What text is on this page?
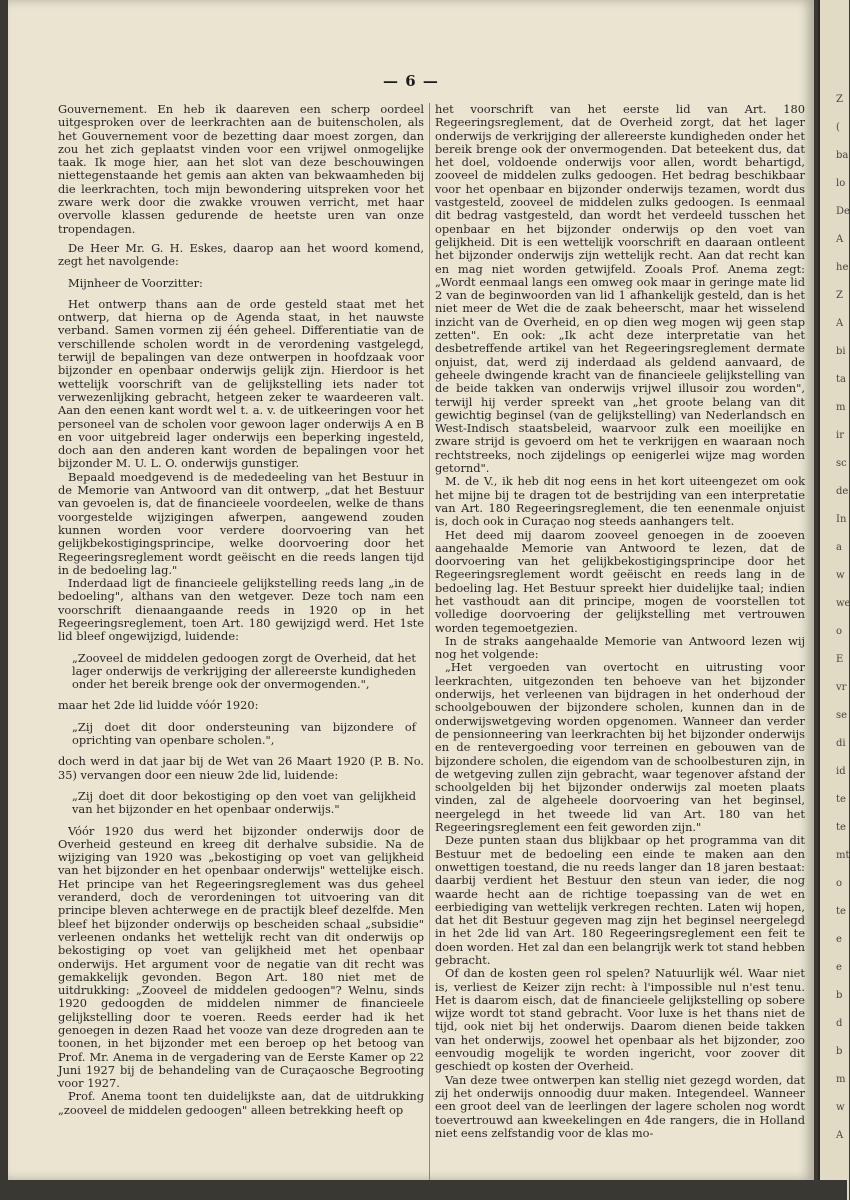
— 6 —

Gouvernement. En heb ik daareven een scherp oordeel uitgesproken over de leerkrachten aan de buitenscholen, als het Gouvernement voor de bezetting daar moest zorgen, dan zou het zich geplaatst vinden voor een vrijwel onmogelijke taak. Ik moge hier, aan het slot van deze beschouwingen niettegenstaande het gemis aan akten van bekwaamheden bij die leerkrachten, toch mijn bewondering uitspreken voor het zware werk door die zwakke vrouwen verricht, met haar overvolle klassen gedurende de heetste uren van onze tropendagen.

De Heer Mr. G. H. Eskes, daarop aan het woord komend, zegt het navolgende:

Mijnheer de Voorzitter:

Het ontwerp thans aan de orde gesteld staat met het ontwerp, dat hierna op de Agenda staat, in het nauwste verband. Samen vormen zij één geheel. Differentiatie van de verschillende scholen wordt in de verordening vastgelegd, terwijl de bepalingen van deze ontwerpen in hoofdzaak voor bijzonder en openbaar onderwijs gelijk zijn. Hierdoor is het wettelijk voorschrift van de gelijkstelling iets nader tot verwezenlijking gebracht, hetgeen zeker te waardeeren valt. Aan den eenen kant wordt wel t. a. v. de uitkeeringen voor het personeel van de scholen voor gewoon lager onderwijs A en B en voor uitgebreid lager onderwijs een beperking ingesteld, doch aan den anderen kant worden de bepalingen voor het bijzonder M. U. L. O. onderwijs gunstiger.

Bepaald moedgevend is de mededeeling van het Bestuur in de Memorie van Antwoord van dit ontwerp, „dat het Bestuur van gevoelen is, dat de financieele voordeelen, welke de thans voorgestelde wijzigingen afwerpen, aangewend zouden kunnen worden voor verdere doorvoering van het gelijkbekostigingsprincipe, welke doorvoering door het Regeeringsreglement wordt geëischt en die reeds langen tijd in de bedoeling lag."

Inderdaad ligt de financieele gelijkstelling reeds lang „in de bedoeling", althans van den wetgever. Deze toch nam een voorschrift dienaangaande reeds in 1920 op in het Regeeringsreglement, toen Art. 180 gewijzigd werd. Het 1ste lid bleef ongewijzigd, luidende:

„Zooveel de middelen gedoogen zorgt de Overheid, dat het lager onderwijs de verkrijging der allereerste kundigheden onder het bereik brenge ook der onvermogenden.",

maar het 2de lid luidde vóór 1920:

„Zij doet dit door ondersteuning van bijzondere of oprichting van openbare scholen.",

doch werd in dat jaar bij de Wet van 26 Maart 1920 (P. B. No. 35) vervangen door een nieuw 2de lid, luidende:

„Zij doet dit door bekostiging op den voet van gelijkheid van het bijzonder en het openbaar onderwijs."

Vóór 1920 dus werd het bijzonder onderwijs door de Overheid gesteund en kreeg dit derhalve subsidie. Na de wijziging van 1920 was „bekostiging op voet van gelijkheid van het bijzonder en het openbaar onderwijs" wettelijke eisch. Het principe van het Regeeringsreglement was dus geheel veranderd, doch de verordeningen tot uitvoering van dit principe bleven achterwege en de practijk bleef dezelfde. Men bleef het bijzonder onderwijs op bescheiden schaal „subsidie" verleenen ondanks het wettelijk recht van dit onderwijs op bekostiging op voet van gelijkheid met het openbaar onderwijs. Het argument voor de negatie van dit recht was gemakkelijk gevonden. Begon Art. 180 niet met de uitdrukking: „Zooveel de middelen gedoogen"? Welnu, sinds 1920 gedoogden de middelen nimmer de financieele gelijkstelling door te voeren. Reeds eerder had ik het genoegen in dezen Raad het vooze van deze drogreden aan te toonen, in het bijzonder met een beroep op het betoog van Prof. Mr. Anema in de vergadering van de Eerste Kamer op 22 Juni 1927 bij de behandeling van de Curaçaosche Begrooting voor 1927.

Prof. Anema toont ten duidelijkste aan, dat de uitdrukking „zooveel de middelen gedoogen" alleen betrekking heeft op

het voorschrift van het eerste lid van Art. 180 Regeeringsreglement, dat de Overheid zorgt, dat het lager onderwijs de verkrijging der allereerste kundigheden onder het bereik brenge ook der onvermogenden. Dat beteekent dus, dat het doel, voldoende onderwijs voor allen, wordt behartigd, zooveel de middelen zulks gedoogen. Het bedrag beschikbaar voor het openbaar en bijzonder onderwijs tezamen, wordt dus vastgesteld, zooveel de middelen zulks gedoogen. Is eenmaal dit bedrag vastgesteld, dan wordt het verdeeld tusschen het openbaar en het bijzonder onderwijs op den voet van gelijkheid. Dit is een wettelijk voorschrift en daaraan ontleent het bijzonder onderwijs zijn wettelijk recht. Aan dat recht kan en mag niet worden getwijfeld. Zooals Prof. Anema zegt: „Wordt eenmaal langs een omweg ook maar in geringe mate lid 2 van de beginwoorden van lid 1 afhankelijk gesteld, dan is het niet meer de Wet die de zaak beheerscht, maar het wisselend inzicht van de Overheid, en op dien weg mogen wij geen stap zetten". En ook: „Ik acht deze interpretatie van het desbetreffende artikel van het Regeeringsreglement dermate onjuist, dat, werd zij inderdaad als geldend aanvaard, de geheele dwingende kracht van de financieele gelijkstelling van de beide takken van onderwijs vrijwel illusoir zou worden", terwijl hij verder spreekt van „het groote belang van dit gewichtig beginsel (van de gelijkstelling) van Nederlandsch en West-Indisch staatsbeleid, waarvoor zulk een moeilijke en zware strijd is gevoerd om het te verkrijgen en waaraan noch rechtstreeks, noch zijdelings op eenigerlei wijze mag worden getornd".

M. de V., ik heb dit nog eens in het kort uiteengezet om ook het mijne bij te dragen tot de bestrijding van een interpretatie van Art. 180 Regeeringsreglement, die ten eenenmale onjuist is, doch ook in Curaçao nog steeds aanhangers telt.

Het deed mij daarom zooveel genoegen in de zooeven aangehaalde Memorie van Antwoord te lezen, dat de doorvoering van het gelijkbekostigingsprincipe door het Regeeringsreglement wordt geëischt en reeds lang in de bedoeling lag. Het Bestuur spreekt hier duidelijke taal; indien het vasthoudt aan dit principe, mogen de voorstellen tot volledige doorvoering der gelijkstelling met vertrouwen worden tegemoetgezien.

In de straks aangehaalde Memorie van Antwoord lezen wij nog het volgende:

„Het vergoeden van overtocht en uitrusting voor leerkrachten, uitgezonden ten behoeve van het bijzonder onderwijs, het verleenen van bijdragen in het onderhoud der schoolgebouwen der bijzondere scholen, kunnen dan in de onderwijswetgeving worden opgenomen. Wanneer dan verder de pensionneering van leerkrachten bij het bijzonder onderwijs en de rentevergoeding voor terreinen en gebouwen van de bijzondere scholen, die eigendom van de schoolbesturen zijn, in de wetgeving zullen zijn gebracht, waar tegenover afstand der schoolgelden bij het bijzonder onderwijs zal moeten plaats vinden, zal de algeheele doorvoering van het beginsel, neergelegd in het tweede lid van Art. 180 van het Regeeringsreglement een feit geworden zijn."

Deze punten staan dus blijkbaar op het programma van dit Bestuur met de bedoeling een einde te maken aan den onwettigen toestand, die nu reeds langer dan 18 jaren bestaat: daarbij verdient het Bestuur den steun van ieder, die nog waarde hecht aan de richtige toepassing van de wet en eerbiediging van wettelijk verkregen rechten. Laten wij hopen, dat het dit Bestuur gegeven mag zijn het beginsel neergelegd in het 2de lid van Art. 180 Regeeringsreglement een feit te doen worden. Het zal dan een belangrijk werk tot stand hebben gebracht.

Of dan de kosten geen rol spelen? Natuurlijk wél. Waar niet is, verliest de Keizer zijn recht: à l'impossible nul n'est tenu. Het is daarom eisch, dat de financieele gelijkstelling op sobere wijze wordt tot stand gebracht. Voor luxe is het thans niet de tijd, ook niet bij het onderwijs. Daarom dienen beide takken van het onderwijs, zoowel het openbaar als het bijzonder, zoo eenvoudig mogelijk te worden ingericht, voor zoover dit geschiedt op kosten der Overheid.

Van deze twee ontwerpen kan stellig niet gezegd worden, dat zij het onderwijs onnoodig duur maken. Integendeel. Wanneer een groot deel van de leerlingen der lagere scholen nog wordt toevertrouwd aan kweekelingen en 4de rangers, die in Holland niet eens zelfstandig voor de klas mo-

Z
(
ba
lo
De
A
he
Z
A
bi
ta
m
ir
sc
de
In
a
w
we
o
E
vr
se
di
id
te
te
mt
o
te
e
e
b
d
b
m
w
A
